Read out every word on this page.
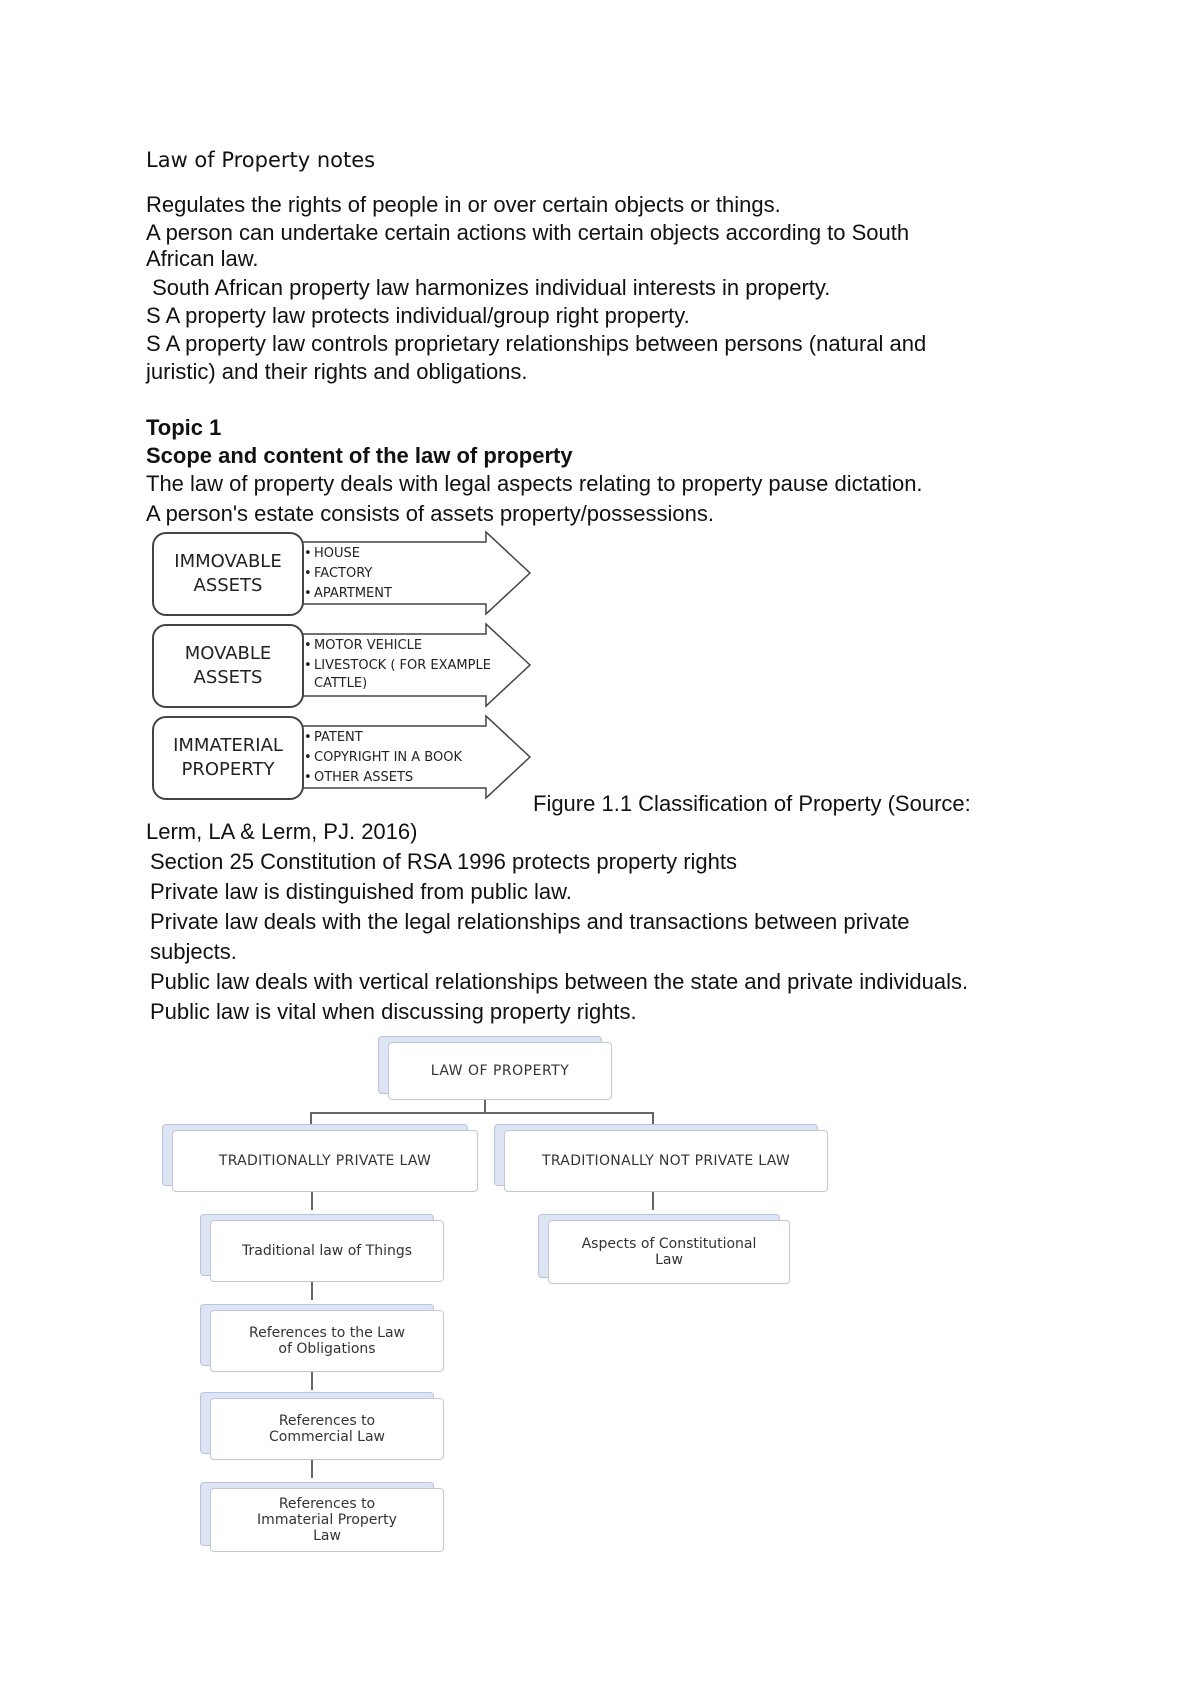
Law of Property notes
Regulates the rights of people in or over certain objects or things.
A person can undertake certain actions with certain objects according to South
African law.
South African property law harmonizes individual interests in property.
S A property law protects individual/group right property.
S A property law controls proprietary relationships between persons (natural and
juristic) and their rights and obligations.
Topic 1
Scope and content of the law of property
The law of property deals with legal aspects relating to property pause dictation.
A person's estate consists of assets property/possessions.
IMMOVABLE
ASSETS
• HOUSE
• FACTORY
• APARTMENT
MOVABLE
ASSETS
• MOTOR VEHICLE
• LIVESTOCK ( FOR EXAMPLE
CATTLE)
IMMATERIAL
PROPERTY
• PATENT
• COPYRIGHT IN A BOOK
• OTHER ASSETS
Figure 1.1 Classification of Property (Source:
Lerm, LA & Lerm, PJ. 2016)
Section 25 Constitution of RSA 1996 protects property rights
Private law is distinguished from public law.
Private law deals with the legal relationships and transactions between private
subjects.
Public law deals with vertical relationships between the state and private individuals.
Public law is vital when discussing property rights.
LAW OF PROPERTY
TRADITIONALLY PRIVATE LAW	TRADITIONALLY NOT PRIVATE LAW
Traditional law of Things
References to the Law
of Obligations
References to
Commercial Law
References to
Immaterial Property
Law
Aspects of Constitutional
Law
